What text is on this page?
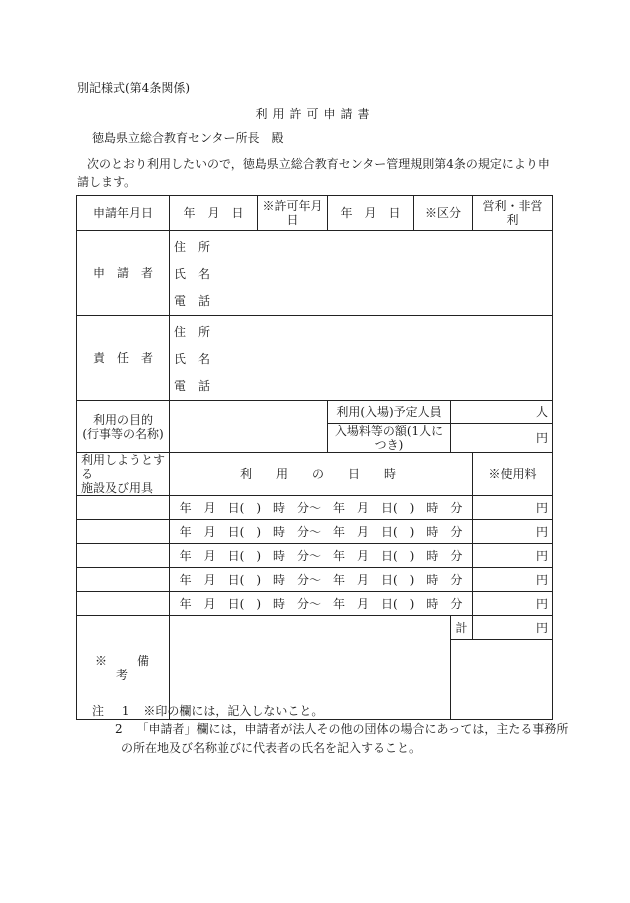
別記様式(第4条関係)
利用許可申請書
徳島県立総合教育センター所長　殿
次のとおり利用したいので，徳島県立総合教育センター管理規則第4条の規定により申請します。
申請年月日	年　月　日	※許可年月日	年　月　日	※区分		営利・非営利
申　請　者	住　所
氏　名
電　話					

責　任　者	住　所
氏　名
電　話					

利用の目的
(行事等の名称)			利用(入場)予定人員		人	
			入場料等の額(1人につき)		円	

利用しようとする
施設及び用具	利　用　の　日　時					※使用料
	年　月　日(　)　時　分〜　年　月　日(　)　時　分					円
	年　月　日(　)　時　分〜　年　月　日(　)　時　分					円
	年　月　日(　)　時　分〜　年　月　日(　)　時　分					円
	年　月　日(　)　時　分〜　年　月　日(　)　時　分					円
	年　月　日(　)　時　分〜　年　月　日(　)　時　分					円
※　　備　　考					計	円

注 1 ※印の欄には，記入しないこと。
2 「申請者」欄には，申請者が法人その他の団体の場合にあっては，主たる事務所
の所在地及び名称並びに代表者の氏名を記入すること。
